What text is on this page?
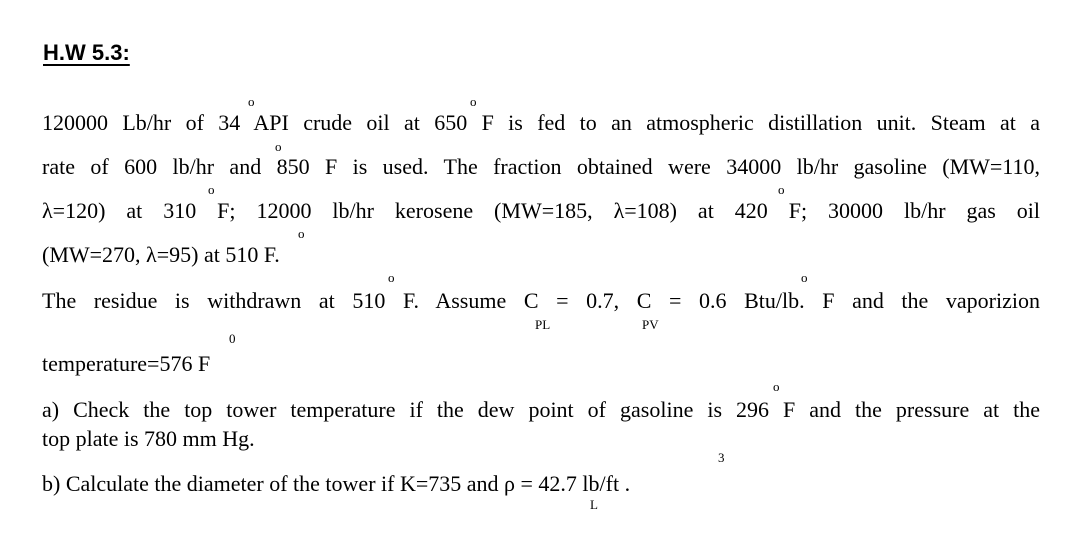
H.W 5.3:
o	o
o
o	o
o
o	o
0
o
3
PL	PV
L
120000 Lb/hr of 34 API crude oil at 650 F is fed to an atmospheric distillation unit. Steam at a
rate of 600 lb/hr and 850 F is used. The fraction obtained were 34000 lb/hr gasoline (MW=110,
λ=120) at 310 F; 12000 lb/hr kerosene (MW=185, λ=108) at 420 F; 30000 lb/hr gas oil
(MW=270, λ=95) at 510 F.
The residue is withdrawn at 510 F. Assume C = 0.7, C = 0.6 Btu/lb. F and the vaporizion
temperature=576 F
a) Check the top tower temperature if the dew point of gasoline is 296 F and the pressure at the
top plate is 780 mm Hg.
b) Calculate the diameter of the tower if K=735 and ρ = 42.7 lb/ft .
